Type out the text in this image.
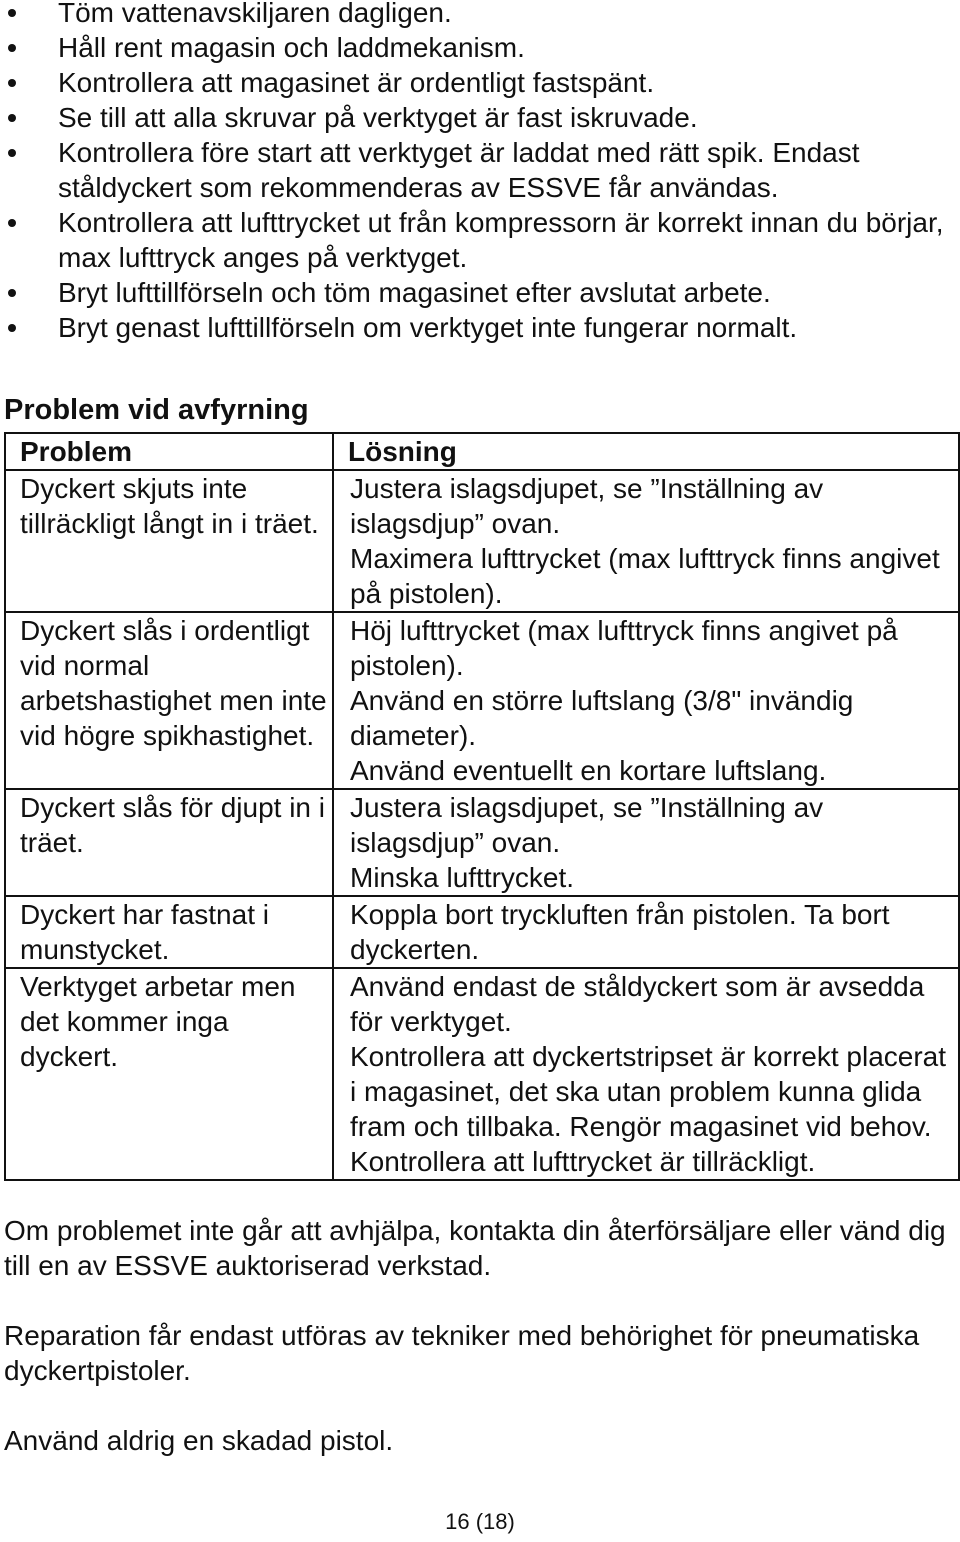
Töm vattenavskiljaren dagligen.
Håll rent magasin och laddmekanism.
Kontrollera att magasinet är ordentligt fastspänt.
Se till att alla skruvar på verktyget är fast iskruvade.
Kontrollera före start att verktyget är laddat med rätt spik. Endast ståldyckert som rekommenderas av ESSVE får användas.
Kontrollera att lufttrycket ut från kompressorn är korrekt innan du börjar, max lufttryck anges på verktyget.
Bryt lufttillförseln och töm magasinet efter avslutat arbete.
Bryt genast lufttillförseln om verktyget inte fungerar normalt.
Problem vid avfyrning
Problem	Lösning
Dyckert skjuts inte tillräckligt långt in i träet.	Justera islagsdjupet, se ”Inställning av islagsdjup” ovan.
Maximera lufttrycket (max lufttryck finns angivet på pistolen).

Dyckert slås i ordentligt vid normal arbetshastighet men inte vid högre spikhastighet.	Höj lufttrycket (max lufttryck finns angivet på pistolen).
Använd en större luftslang (3/8" invändig diameter).
Använd eventuellt en kortare luftslang.

Dyckert slås för djupt in i träet.	Justera islagsdjupet, se ”Inställning av islagsdjup” ovan.
Minska lufttrycket.

Dyckert har fastnat i munstycket.	Koppla bort tryckluften från pistolen. Ta bort dyckerten.

Verktyget arbetar men det kommer inga dyckert.	Använd endast de ståldyckert som är avsedda för verktyget.
Kontrollera att dyckertstripset är korrekt placerat i magasinet, det ska utan problem kunna glida fram och tillbaka. Rengör magasinet vid behov.
Kontrollera att lufttrycket är tillräckligt.

Om problemet inte går att avhjälpa, kontakta din återförsäljare eller vänd dig till en av ESSVE auktoriserad verkstad.

Reparation får endast utföras av tekniker med behörighet för pneumatiska dyckertpistoler.

Använd aldrig en skadad pistol.

16 (18)
